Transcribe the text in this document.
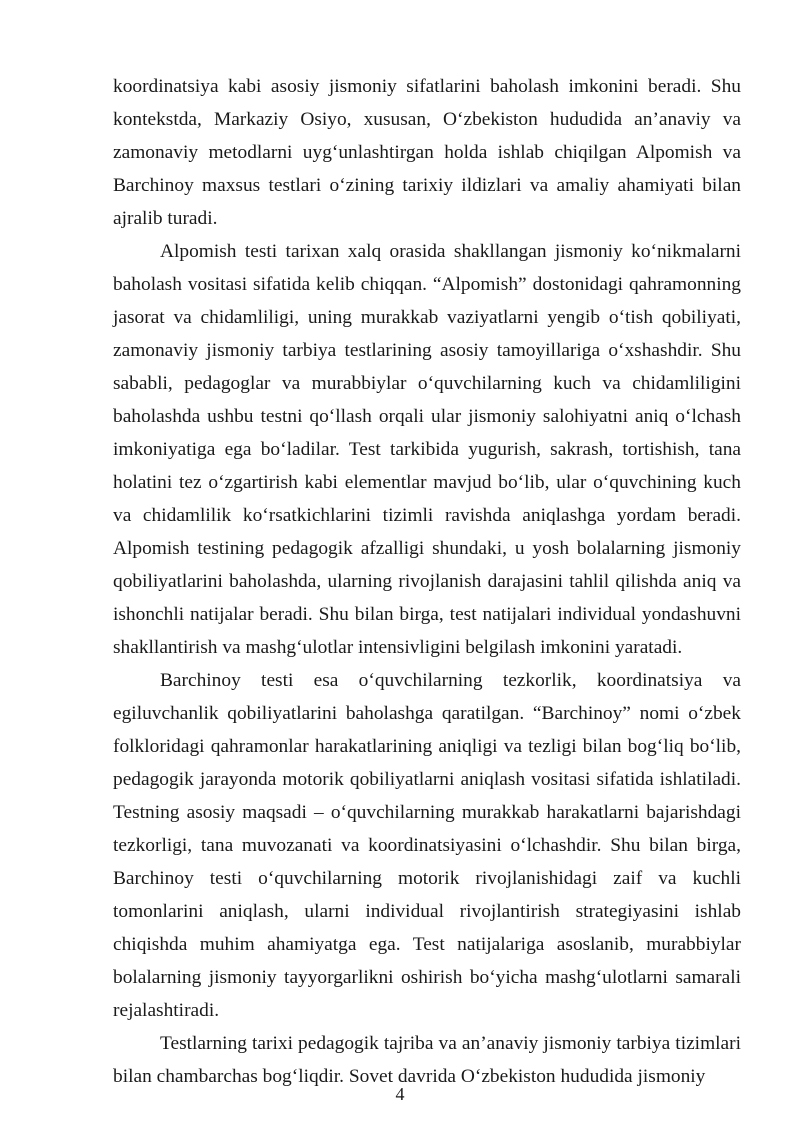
koordinatsiya kabi asosiy jismoniy sifatlarini baholash imkonini beradi. Shu kontekstda, Markaziy Osiyo, xususan, O‘zbekiston hududida an’anaviy va zamonaviy metodlarni uyg‘unlashtirgan holda ishlab chiqilgan Alpomish va Barchinoy maxsus testlari o‘zining tarixiy ildizlari va amaliy ahamiyati bilan ajralib turadi.

Alpomish testi tarixan xalq orasida shakllangan jismoniy ko‘nikmalarni baholash vositasi sifatida kelib chiqqan. “Alpomish” dostonidagi qahramonning jasorat va chidamliligi, uning murakkab vaziyatlarni yengib o‘tish qobiliyati, zamonaviy jismoniy tarbiya testlarining asosiy tamoyillariga o‘xshashdir. Shu sababli, pedagoglar va murabbiylar o‘quvchilarning kuch va chidamliligini baholashda ushbu testni qo‘llash orqali ular jismoniy salohiyatni aniq o‘lchash imkoniyatiga ega bo‘ladilar. Test tarkibida yugurish, sakrash, tortishish, tana holatini tez o‘zgartirish kabi elementlar mavjud bo‘lib, ular o‘quvchining kuch va chidamlilik ko‘rsatkichlarini tizimli ravishda aniqlashga yordam beradi. Alpomish testining pedagogik afzalligi shundaki, u yosh bolalarning jismoniy qobiliyatlarini baholashda, ularning rivojlanish darajasini tahlil qilishda aniq va ishonchli natijalar beradi. Shu bilan birga, test natijalari individual yondashuvni shakllantirish va mashg‘ulotlar intensivligini belgilash imkonini yaratadi.

Barchinoy testi esa o‘quvchilarning tezkorlik, koordinatsiya va egiluvchanlik qobiliyatlarini baholashga qaratilgan. “Barchinoy” nomi o‘zbek folkloridagi qahramonlar harakatlarining aniqligi va tezligi bilan bog‘liq bo‘lib, pedagogik jarayonda motorik qobiliyatlarni aniqlash vositasi sifatida ishlatiladi. Testning asosiy maqsadi – o‘quvchilarning murakkab harakatlarni bajarishdagi tezkorligi, tana muvozanati va koordinatsiyasini o‘lchashdir. Shu bilan birga, Barchinoy testi o‘quvchilarning motorik rivojlanishidagi zaif va kuchli tomonlarini aniqlash, ularni individual rivojlantirish strategiyasini ishlab chiqishda muhim ahamiyatga ega. Test natijalariga asoslanib, murabbiylar bolalarning jismoniy tayyorgarlikni oshirish bo‘yicha mashg‘ulotlarni samarali rejalashtiradi.

Testlarning tarixi pedagogik tajriba va an’anaviy jismoniy tarbiya tizimlari bilan chambarchas bog‘liqdir. Sovet davrida O‘zbekiston hududida jismoniy

4
